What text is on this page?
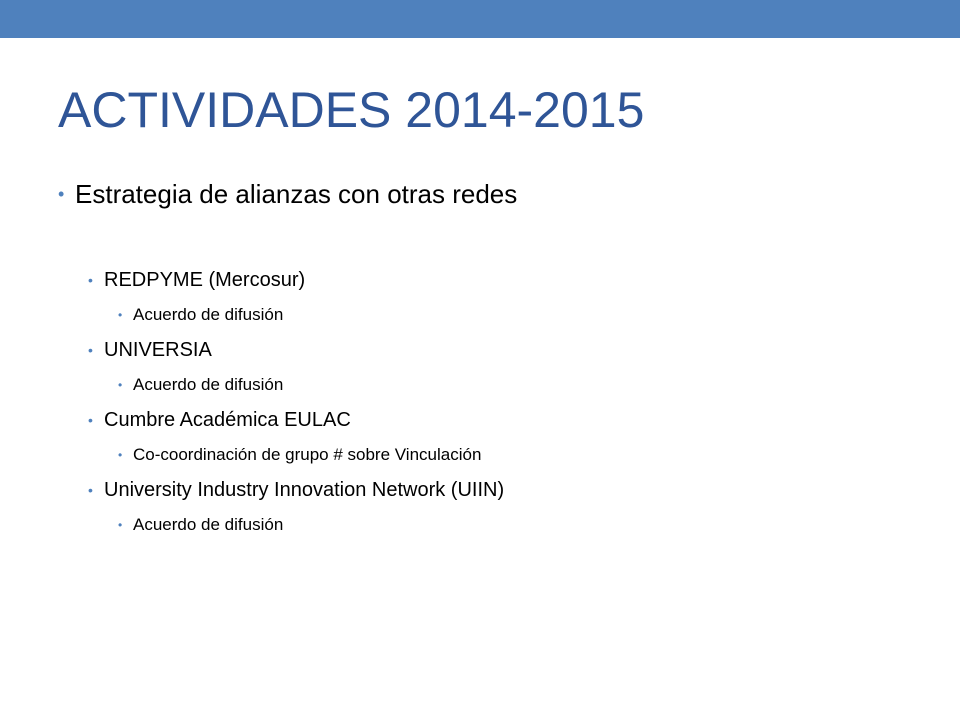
ACTIVIDADES 2014-2015
• Estrategia de alianzas con otras redes
• REDPYME (Mercosur)
• Acuerdo de difusión
• UNIVERSIA
• Acuerdo de difusión
• Cumbre Académica EULAC
• Co-coordinación de grupo # sobre Vinculación
• University Industry Innovation Network (UIIN)
• Acuerdo de difusión
